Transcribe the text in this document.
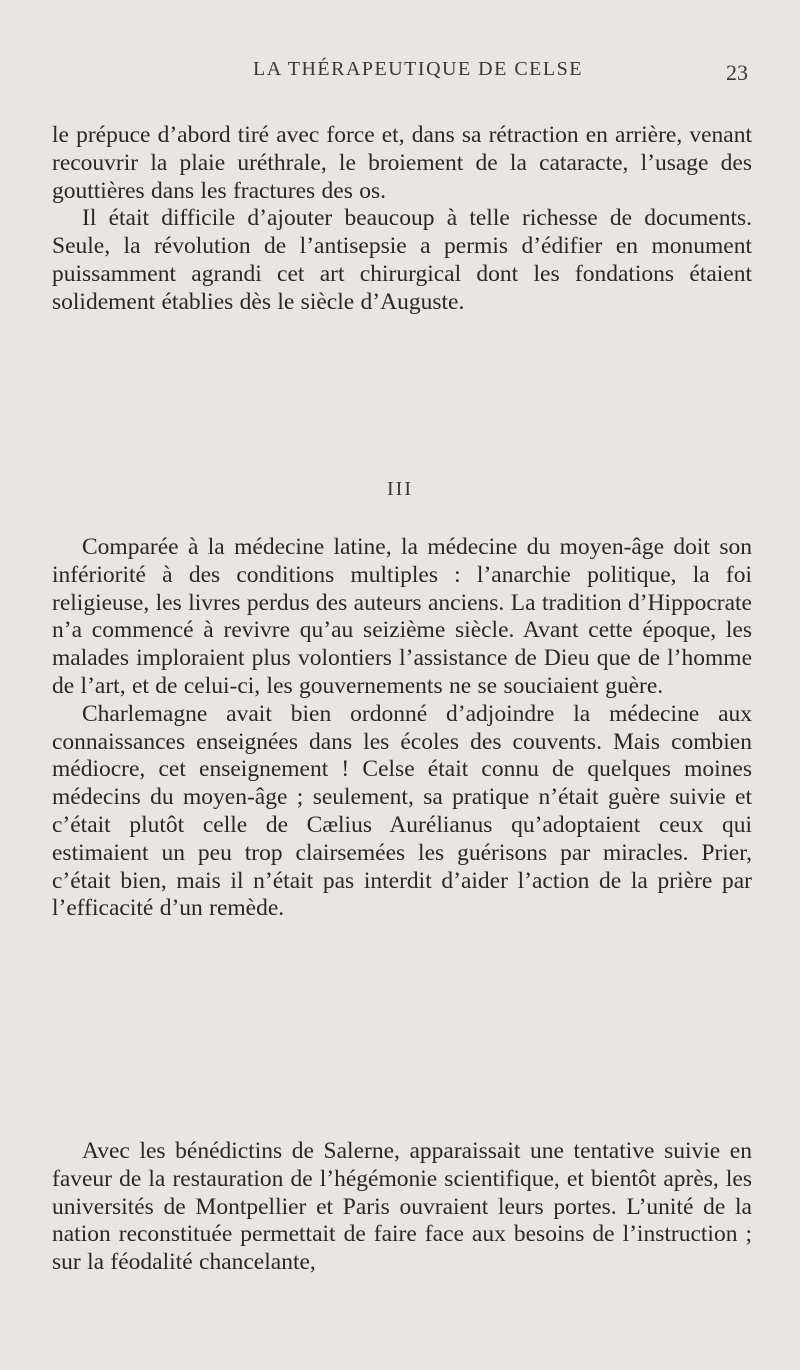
LA THÉRAPEUTIQUE DE CELSE	23

le prépuce d’abord tiré avec force et, dans sa rétraction en arrière, venant recouvrir la plaie uréthrale, le broiement de la cataracte, l’usage des gouttières dans les fractures des os.

Il était difficile d’ajouter beaucoup à telle richesse de documents. Seule, la révolution de l’antisepsie a permis d’édifier en monument puissamment agrandi cet art chirurgical dont les fondations étaient solidement établies dès le siècle d’Auguste.

III

Comparée à la médecine latine, la médecine du moyen-âge doit son infériorité à des conditions multiples : l’anarchie politique, la foi religieuse, les livres perdus des auteurs anciens. La tradition d’Hippocrate n’a commencé à revivre qu’au seizième siècle. Avant cette époque, les malades imploraient plus volontiers l’assistance de Dieu que de l’homme de l’art, et de celui-ci, les gouvernements ne se souciaient guère.

Charlemagne avait bien ordonné d’adjoindre la médecine aux connaissances enseignées dans les écoles des couvents. Mais combien médiocre, cet enseignement ! Celse était connu de quelques moines médecins du moyen-âge ; seulement, sa pratique n’était guère suivie et c’était plutôt celle de Cælius Aurélianus qu’adoptaient ceux qui estimaient un peu trop clairsemées les guérisons par miracles. Prier, c’était bien, mais il n’était pas interdit d’aider l’action de la prière par l’efficacité d’un remède.

Avec les bénédictins de Salerne, apparaissait une tentative suivie en faveur de la restauration de l’hégémonie scientifique, et bientôt après, les universités de Montpellier et Paris ouvraient leurs portes. L’unité de la nation reconstituée permettait de faire face aux besoins de l’instruction ; sur la féodalité chancelante,
